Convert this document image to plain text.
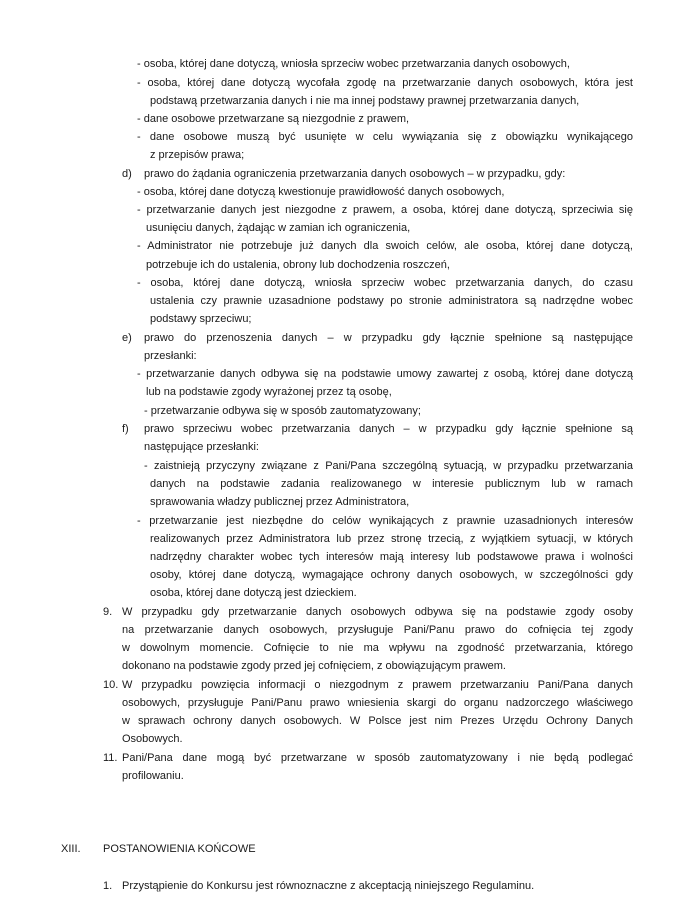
- osoba, której dane dotyczą, wniosła sprzeciw wobec przetwarzania danych osobowych,
- osoba, której dane dotyczą wycofała zgodę na przetwarzanie danych osobowych, która jest
podstawą przetwarzania danych i nie ma innej podstawy prawnej przetwarzania danych,
- dane osobowe przetwarzane są niezgodnie z prawem,
- dane osobowe muszą być usunięte w celu wywiązania się z obowiązku wynikającego
z przepisów prawa;
d) prawo do żądania ograniczenia przetwarzania danych osobowych – w przypadku, gdy:
- osoba, której dane dotyczą kwestionuje prawidłowość danych osobowych,
- przetwarzanie danych jest niezgodne z prawem, a osoba, której dane dotyczą, sprzeciwia się
usunięciu danych, żądając w zamian ich ograniczenia,
- Administrator nie potrzebuje już danych dla swoich celów, ale osoba, której dane dotyczą,
potrzebuje ich do ustalenia, obrony lub dochodzenia roszczeń,
- osoba, której dane dotyczą, wniosła sprzeciw wobec przetwarzania danych, do czasu
ustalenia czy prawnie uzasadnione podstawy po stronie administratora są nadrzędne wobec
podstawy sprzeciwu;
e) prawo do przenoszenia danych – w przypadku gdy łącznie spełnione są następujące
przesłanki:
- przetwarzanie danych odbywa się na podstawie umowy zawartej z osobą, której dane dotyczą
lub na podstawie zgody wyrażonej przez tą osobę,
- przetwarzanie odbywa się w sposób zautomatyzowany;
f) prawo sprzeciwu wobec przetwarzania danych – w przypadku gdy łącznie spełnione są
następujące przesłanki:
- zaistnieją przyczyny związane z Pani/Pana szczególną sytuacją, w przypadku przetwarzania
danych na podstawie zadania realizowanego w interesie publicznym lub w ramach
sprawowania władzy publicznej przez Administratora,
- przetwarzanie jest niezbędne do celów wynikających z prawnie uzasadnionych interesów
realizowanych przez Administratora lub przez stronę trzecią, z wyjątkiem sytuacji, w których
nadrzędny charakter wobec tych interesów mają interesy lub podstawowe prawa i wolności
osoby, której dane dotyczą, wymagające ochrony danych osobowych, w szczególności gdy
osoba, której dane dotyczą jest dzieckiem.
9. W przypadku gdy przetwarzanie danych osobowych odbywa się na podstawie zgody osoby
na przetwarzanie danych osobowych, przysługuje Pani/Panu prawo do cofnięcia tej zgody
w dowolnym momencie. Cofnięcie to nie ma wpływu na zgodność przetwarzania, którego
dokonano na podstawie zgody przed jej cofnięciem, z obowiązującym prawem.
10. W przypadku powzięcia informacji o niezgodnym z prawem przetwarzaniu Pani/Pana danych
osobowych, przysługuje Pani/Panu prawo wniesienia skargi do organu nadzorczego właściwego
w sprawach ochrony danych osobowych. W Polsce jest nim Prezes Urzędu Ochrony Danych
Osobowych.
11. Pani/Pana dane mogą być przetwarzane w sposób zautomatyzowany i nie będą podlegać
profilowaniu.
XIII. POSTANOWIENIA KOŃCOWE
1. Przystąpienie do Konkursu jest równoznaczne z akceptacją niniejszego Regulaminu.
